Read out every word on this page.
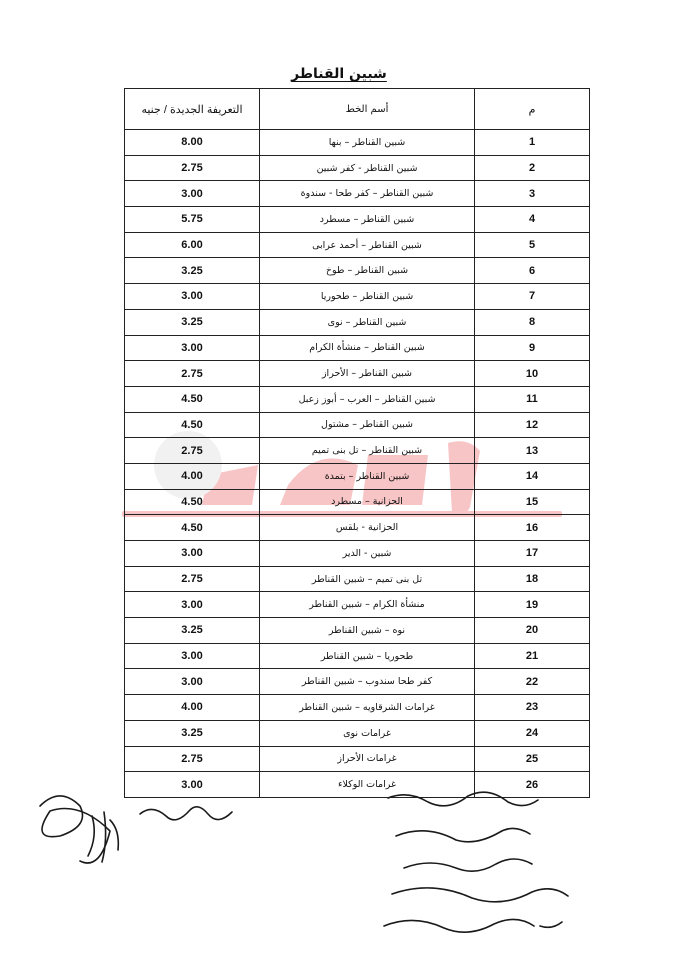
شبين القناطر
م	أسم الخط	التعريفة الجديدة / جنيه
1	شبين القناطر – بنها	8.00
2	شبين القناطر - كفر شبين	2.75
3	شبين القناطر – كفر طحا - سندوة	3.00
4	شبين القناطر – مسطرد	5.75
5	شبين القناطر – أحمد عرابى	6.00
6	شبين القناطر – طوخ	3.25
7	شبين القناطر – طحوريا	3.00
8	شبين القناطر – نوى	3.25
9	شبين القناطر – منشأة الكرام	3.00
10	شبين القناطر – الأحراز	2.75
11	شبين القناطر – العرب – أبوز زعبل	4.50
12	شبين القناطر – مشتول	4.50
13	شبين القناطر – تل بنى تميم	2.75
14	شبين القناطر – بتمدة	4.00
15	الحزانية – مسطرد	4.50
16	الحزانية - بلقس	4.50
17	شبين - الدير	3.00
18	تل بنى تميم – شبين القناطر	2.75
19	منشأة الكرام – شبين القناطر	3.00
20	نوه – شبين القناطر	3.25
21	طحوريا – شبين القناطر	3.00
22	كفر طحا سندوب – شبين القناطر	3.00
23	غرامات الشرقاويه – شبين القناطر	4.00
24	غرامات نوى	3.25
25	غرامات الأحراز	2.75
26	غرامات الوكلاء	3.00
